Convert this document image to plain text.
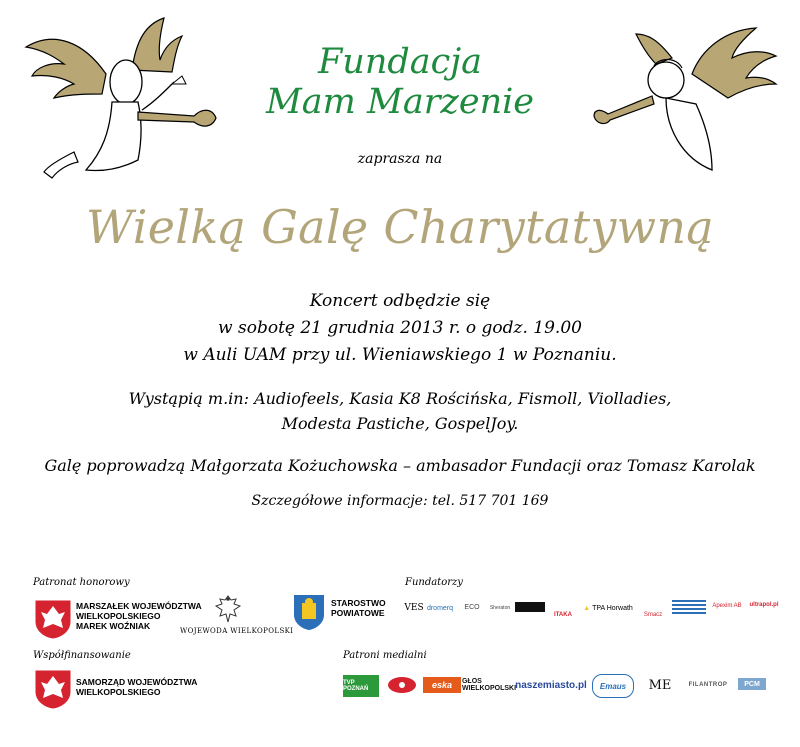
Fundacja
Mam Marzenie
zaprasza na
Wielką Galę Charytatywną
Koncert odbędzie się
w sobotę 21 grudnia 2013 r. o godz. 19.00
w Auli UAM przy ul. Wieniawskiego 1 w Poznaniu.
Wystąpią m.in: Audiofeels, Kasia K8 Rościńska, Fismoll, Violladies,
Modesta Pastiche, GospelJoy.
Galę poprowadzą Małgorzata Kożuchowska – ambasador Fundacji oraz Tomasz Karolak
Szczegółowe informacje: tel. 517 701 169
Patronat honorowy
Współfinansowanie
Fundatorzy
Patroni medialni
MARSZAŁEK WOJEWÓDZTWA
WIELKOPOLSKIEGO
MAREK WOŹNIAK	WOJEWODA WIELKOPOLSKI
STAROSTWO
POWIATOWE
SAMORZĄD WOJEWÓDZTWA
WIELKOPOLSKIEGO
VES dromerq	ECO	Sheraton
ITAKA
▲
TPA Horwath
Smacz
Apexim AB ultrapol.pl
TVP POZNAŃ	eska	GŁOS WIELKOPOLSKI naszemiasto.pl	Emaus	ME	FILANTROP	PCM
